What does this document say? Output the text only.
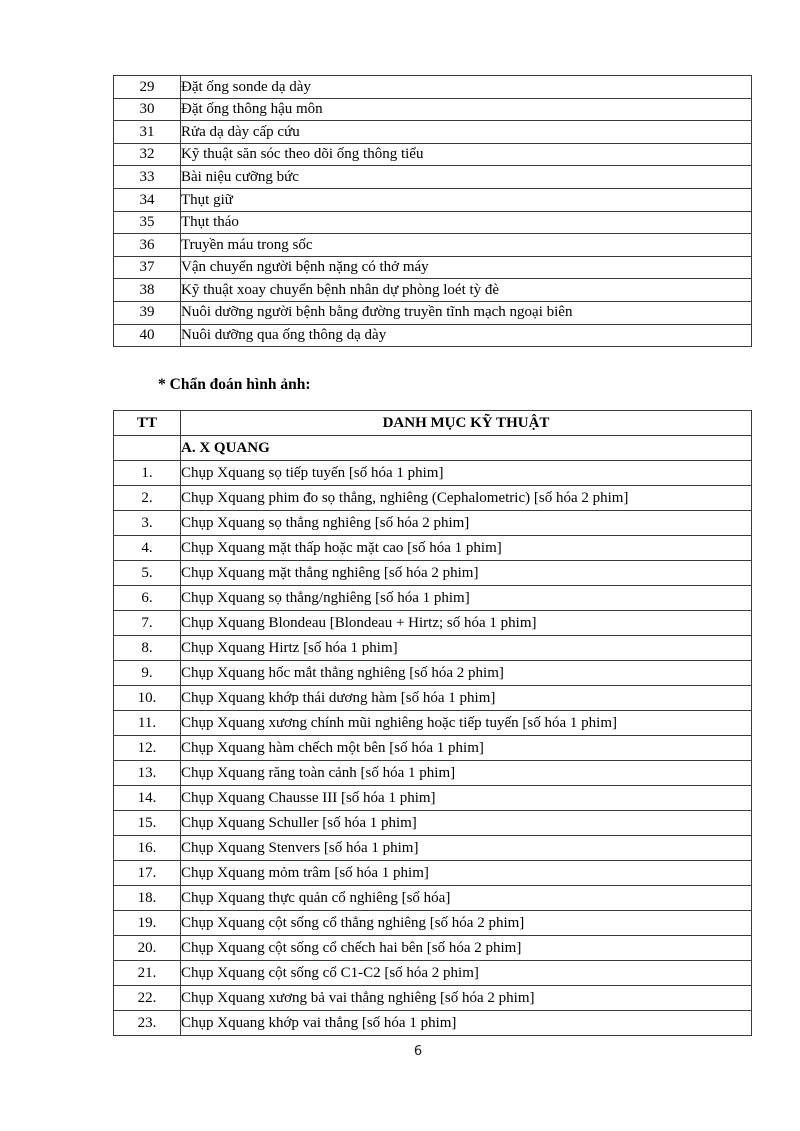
29	Đặt ống sonde dạ dày
30	Đặt ống thông hậu môn
31	Rửa dạ dày cấp cứu
32	Kỹ thuật săn sóc theo dõi ống thông tiểu
33	Bài niệu cưỡng bức
34	Thụt giữ
35	Thụt tháo
36	Truyền máu trong sốc
37	Vận chuyển người bệnh nặng có thở máy
38	Kỹ thuật xoay chuyển bệnh nhân dự phòng loét tỳ đè
39	Nuôi dưỡng người bệnh bằng đường truyền tĩnh mạch ngoại biên
40	Nuôi dưỡng qua ống thông dạ dày

* Chẩn đoán hình ảnh:

TT	DANH MỤC KỸ THUẬT
	A. X QUANG
1.	Chụp Xquang sọ tiếp tuyến [số hóa 1 phim]
2.	Chụp Xquang phim đo sọ thẳng, nghiêng (Cephalometric) [số hóa 2 phim]
3.	Chụp Xquang sọ thẳng nghiêng [số hóa 2 phim]
4.	Chụp Xquang mặt thấp hoặc mặt cao [số hóa 1 phim]
5.	Chụp Xquang mặt thẳng nghiêng [số hóa 2 phim]
6.	Chụp Xquang sọ thẳng/nghiêng [số hóa 1 phim]
7.	Chụp Xquang Blondeau [Blondeau + Hirtz; số hóa 1 phim]
8.	Chụp Xquang Hirtz [số hóa 1 phim]
9.	Chụp Xquang hốc mắt thẳng nghiêng [số hóa 2 phim]
10.	Chụp Xquang khớp thái dương hàm [số hóa 1 phim]
11.	Chụp Xquang xương chính mũi nghiêng hoặc tiếp tuyến [số hóa 1 phim]
12.	Chụp Xquang hàm chếch một bên [số hóa 1 phim]
13.	Chụp Xquang răng toàn cảnh [số hóa 1 phim]
14.	Chụp Xquang Chausse III [số hóa 1 phim]
15.	Chụp Xquang Schuller [số hóa 1 phim]
16.	Chụp Xquang Stenvers [số hóa 1 phim]
17.	Chụp Xquang mỏm trâm [số hóa 1 phim]
18.	Chụp Xquang thực quản cổ nghiêng [số hóa]
19.	Chụp Xquang cột sống cổ thẳng nghiêng [số hóa 2 phim]
20.	Chụp Xquang cột sống cổ chếch hai bên [số hóa 2 phim]
21.	Chụp Xquang cột sống cổ C1-C2 [số hóa 2 phim]
22.	Chụp Xquang xương bả vai thẳng nghiêng [số hóa 2 phim]
23.	Chụp Xquang khớp vai thẳng [số hóa 1 phim]
6
